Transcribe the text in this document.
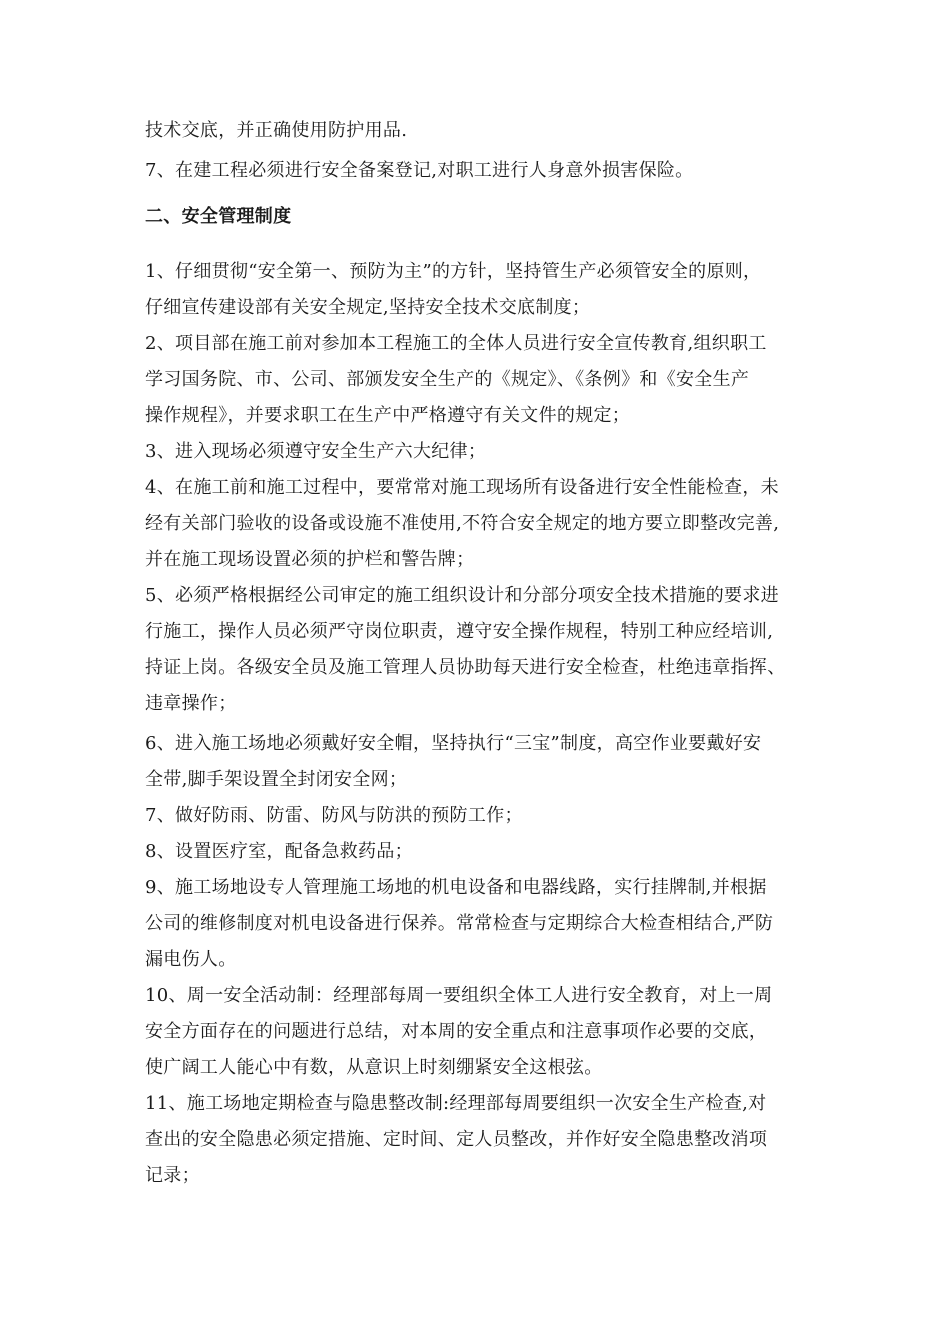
技术交底，并正确使用防护用品.
7、在建工程必须进行安全备案登记,对职工进行人身意外损害保险。
二、安全管理制度
1、仔细贯彻“安全第一、预防为主”的方针，坚持管生产必须管安全的原则，
仔细宣传建设部有关安全规定,坚持安全技术交底制度；
2、项目部在施工前对参加本工程施工的全体人员进行安全宣传教育,组织职工
学习国务院、市、公司、部颁发安全生产的《规定》、《条例》和《安全生产
操作规程》，并要求职工在生产中严格遵守有关文件的规定；
3、进入现场必须遵守安全生产六大纪律；
4、在施工前和施工过程中，要常常对施工现场所有设备进行安全性能检查，未
经有关部门验收的设备或设施不准使用,不符合安全规定的地方要立即整改完善,
并在施工现场设置必须的护栏和警告牌；
5、必须严格根据经公司审定的施工组织设计和分部分项安全技术措施的要求进
行施工，操作人员必须严守岗位职责，遵守安全操作规程，特别工种应经培训,
持证上岗。各级安全员及施工管理人员协助每天进行安全检查，杜绝违章指挥、
违章操作；
6、进入施工场地必须戴好安全帽，坚持执行“三宝”制度，高空作业要戴好安
全带,脚手架设置全封闭安全网；
7、做好防雨、防雷、防风与防洪的预防工作；
8、设置医疗室，配备急救药品；
9、施工场地设专人管理施工场地的机电设备和电器线路，实行挂牌制,并根据
公司的维修制度对机电设备进行保养。常常检查与定期综合大检查相结合,严防
漏电伤人。
10、周一安全活动制：经理部每周一要组织全体工人进行安全教育，对上一周
安全方面存在的问题进行总结，对本周的安全重点和注意事项作必要的交底，
使广阔工人能心中有数，从意识上时刻绷紧安全这根弦。
11、施工场地定期检查与隐患整改制:经理部每周要组织一次安全生产检查,对
查出的安全隐患必须定措施、定时间、定人员整改，并作好安全隐患整改消项
记录；
